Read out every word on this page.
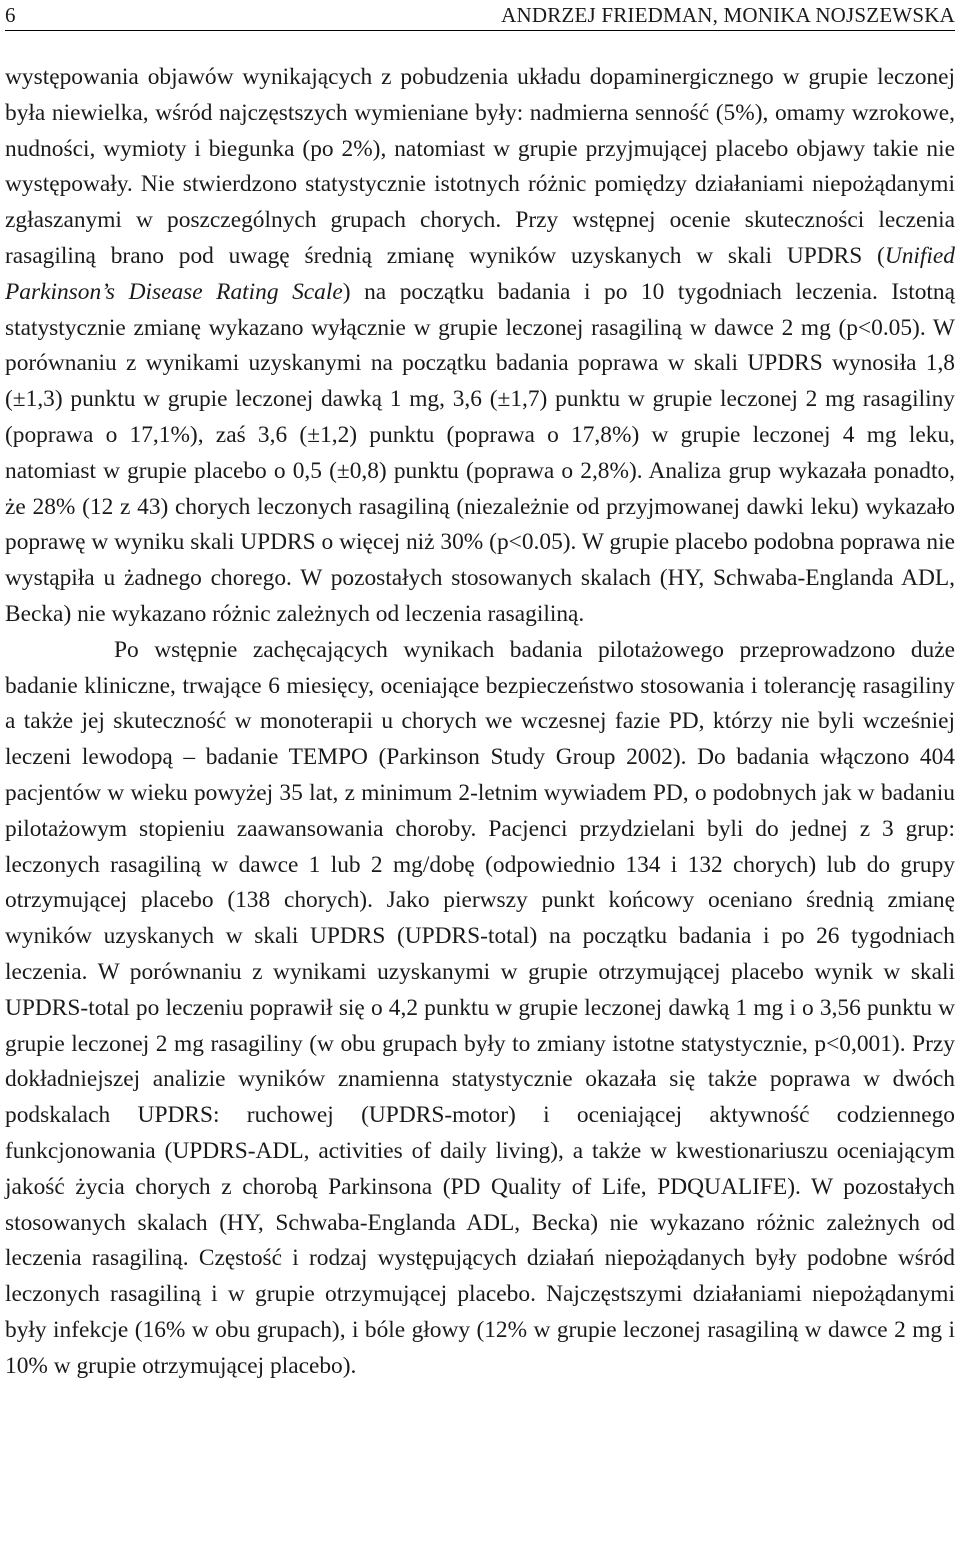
6	ANDRZEJ FRIEDMAN, MONIKA NOJSZEWSKA

występowania objawów wynikających z pobudzenia układu dopaminergicznego w grupie leczonej była niewielka, wśród najczęstszych wymieniane były: nadmierna senność (5%), omamy wzrokowe, nudności, wymioty i biegunka (po 2%), natomiast w grupie przyjmującej placebo objawy takie nie występowały. Nie stwierdzono statystycznie istotnych różnic pomiędzy działaniami niepożądanymi zgłaszanymi w poszczególnych grupach chorych. Przy wstępnej ocenie skuteczności leczenia rasagiliną brano pod uwagę średnią zmianę wyników uzyskanych w skali UPDRS (Unified Parkinson’s Disease Rating Scale) na początku badania i po 10 tygodniach leczenia. Istotną statystycznie zmianę wykazano wyłącznie w grupie leczonej rasagiliną w dawce 2 mg (p<0.05). W porównaniu z wynikami uzyskanymi na początku badania poprawa w skali UPDRS wynosiła 1,8 (±1,3) punktu w grupie leczonej dawką 1 mg, 3,6 (±1,7) punktu w grupie leczonej 2 mg rasagiliny (poprawa o 17,1%), zaś 3,6 (±1,2) punktu (poprawa o 17,8%) w grupie leczonej 4 mg leku, natomiast w grupie placebo o 0,5 (±0,8) punktu (poprawa o 2,8%). Analiza grup wykazała ponadto, że 28% (12 z 43) chorych leczonych rasagiliną (niezależnie od przyjmowanej dawki leku) wykazało poprawę w wyniku skali UPDRS o więcej niż 30% (p<0.05). W grupie placebo podobna poprawa nie wystąpiła u żadnego chorego. W pozostałych stosowanych skalach (HY, Schwaba-Englanda ADL, Becka) nie wykazano różnic zależnych od leczenia rasagiliną.

Po wstępnie zachęcających wynikach badania pilotażowego przeprowadzono duże badanie kliniczne, trwające 6 miesięcy, oceniające bezpieczeństwo stosowania i tolerancję rasagiliny a także jej skuteczność w monoterapii u chorych we wczesnej fazie PD, którzy nie byli wcześniej leczeni lewodopą – badanie TEMPO (Parkinson Study Group 2002). Do badania włączono 404 pacjentów w wieku powyżej 35 lat, z minimum 2-letnim wywiadem PD, o podobnych jak w badaniu pilotażowym stopieniu zaawansowania choroby. Pacjenci przydzielani byli do jednej z 3 grup: leczonych rasagiliną w dawce 1 lub 2 mg/dobę (odpowiednio 134 i 132 chorych) lub do grupy otrzymującej placebo (138 chorych). Jako pierwszy punkt końcowy oceniano średnią zmianę wyników uzyskanych w skali UPDRS (UPDRS-total) na początku badania i po 26 tygodniach leczenia. W porównaniu z wynikami uzyskanymi w grupie otrzymującej placebo wynik w skali UPDRS-total po leczeniu poprawił się o 4,2 punktu w grupie leczonej dawką 1 mg i o 3,56 punktu w grupie leczonej 2 mg rasagiliny (w obu grupach były to zmiany istotne statystycznie, p<0,001). Przy dokładniejszej analizie wyników znamienna statystycznie okazała się także poprawa w dwóch podskalach UPDRS: ruchowej (UPDRS-motor) i oceniającej aktywność codziennego funkcjonowania (UPDRS-ADL, activities of daily living), a także w kwestionariuszu oceniającym jakość życia chorych z chorobą Parkinsona (PD Quality of Life, PDQUALIFE). W pozostałych stosowanych skalach (HY, Schwaba-Englanda ADL, Becka) nie wykazano różnic zależnych od leczenia rasagiliną. Częstość i rodzaj występujących działań niepożądanych były podobne wśród leczonych rasagiliną i w grupie otrzymującej placebo. Najczęstszymi działaniami niepożądanymi były infekcje (16% w obu grupach), i bóle głowy (12% w grupie leczonej rasagiliną w dawce 2 mg i 10% w grupie otrzymującej placebo).
